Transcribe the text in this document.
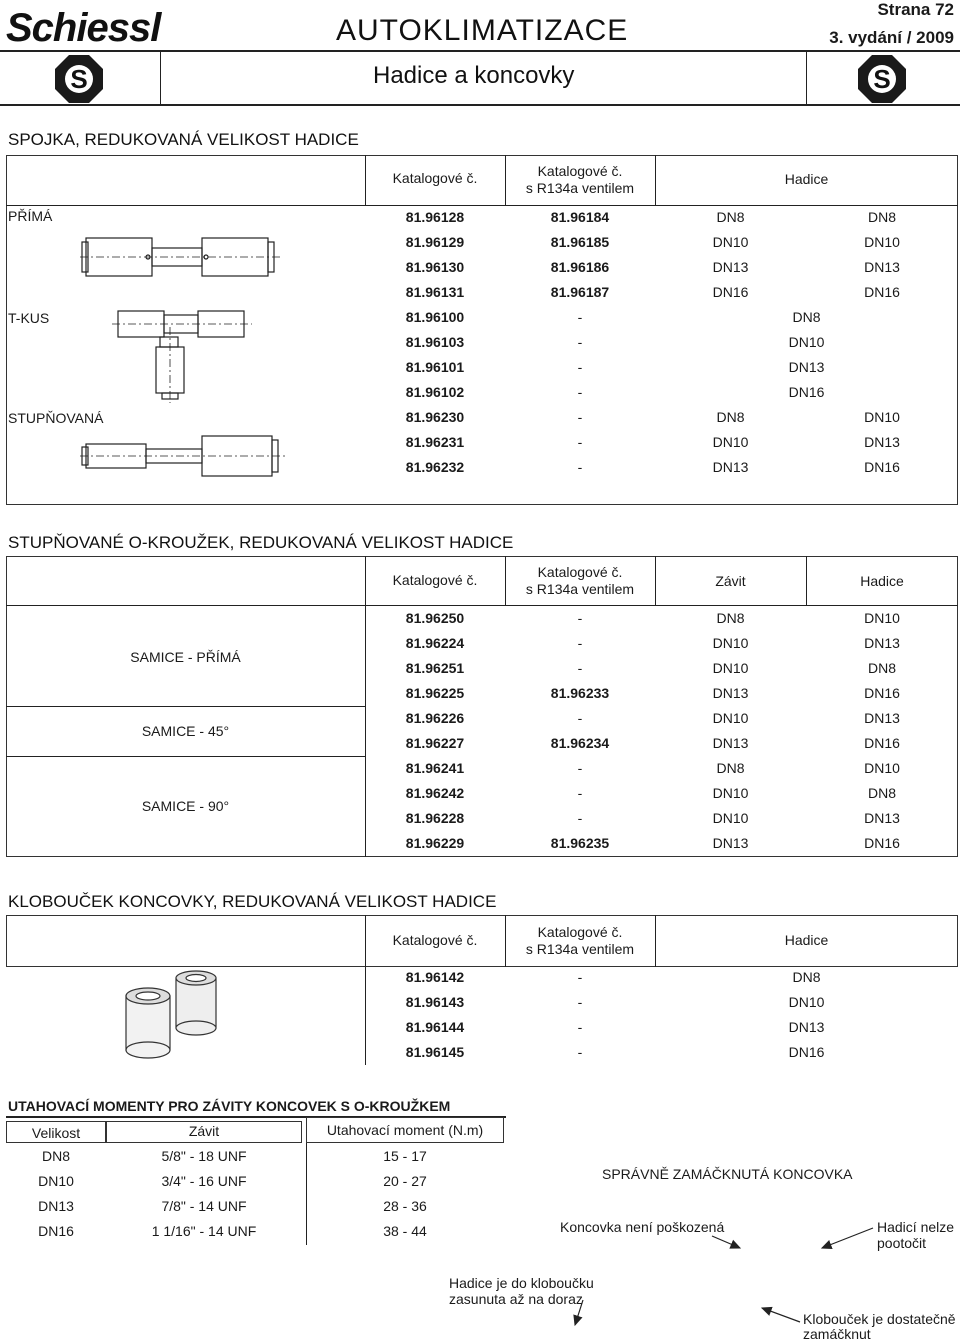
Schiessl	AUTOKLIMATIZACE
Strana 72
3. vydání / 2009
Hadice a koncovky
S	S
SPOJKA, REDUKOVANÁ VELIKOST HADICE
Katalogové č.	Katalogové č.
s R134a ventilem
Hadice
PŘÍMÁ
T-KUS
STUPŇOVANÁ
81.96128	81.96184	DN8	DN8
81.96129	81.96185	DN10	DN10
81.96130	81.96186	DN13	DN13
81.96131	81.96187	DN16	DN16
81.96100	-	DN8
81.96103	-	DN10
81.96101	-	DN13
81.96102	-	DN16
81.96230	-	DN8	DN10
81.96231	-	DN10	DN13
81.96232	-	DN13	DN16
STUPŇOVANÉ O-KROUŽEK, REDUKOVANÁ VELIKOST HADICE
Katalogové č.	Katalogové č.
s R134a ventilem	Závit	Hadice
SAMICE - PŘÍMÁ
SAMICE - 45°
SAMICE - 90°
81.96250	-	DN8	DN10
81.96224	-	DN10	DN13
81.96251	-	DN10	DN8
81.96225	81.96233	DN13	DN16
81.96226	-	DN10	DN13
81.96227	81.96234	DN13	DN16
81.96241	-	DN8	DN10
81.96242	-	DN10	DN8
81.96228	-	DN10	DN13
81.96229	81.96235	DN13	DN16
KLOBOUČEK KONCOVKY, REDUKOVANÁ VELIKOST HADICE
Katalogové č.	Katalogové č.
s R134a ventilem
Hadice
81.96142	-	DN8
81.96143	-	DN10
81.96144	-	DN13
81.96145	-	DN16
UTAHOVACÍ MOMENTY PRO ZÁVITY KONCOVEK S O-KROUŽKEM
Velikost	Závit	Utahovací moment (N.m)
DN8	5/8" - 18 UNF	15 - 17
DN10	3/4" - 16 UNF	20 - 27
DN13	7/8" - 14 UNF	28 - 36
DN16	1 1/16" - 14 UNF	38 - 44
SPRÁVNĚ ZAMÁČKNUTÁ KONCOVKA
Koncovka není poškozená	Hadicí nelze
pootočit
Hadice je do kloboučku
zasunuta až na doraz
Klobouček je dostatečně
zamáčknut
